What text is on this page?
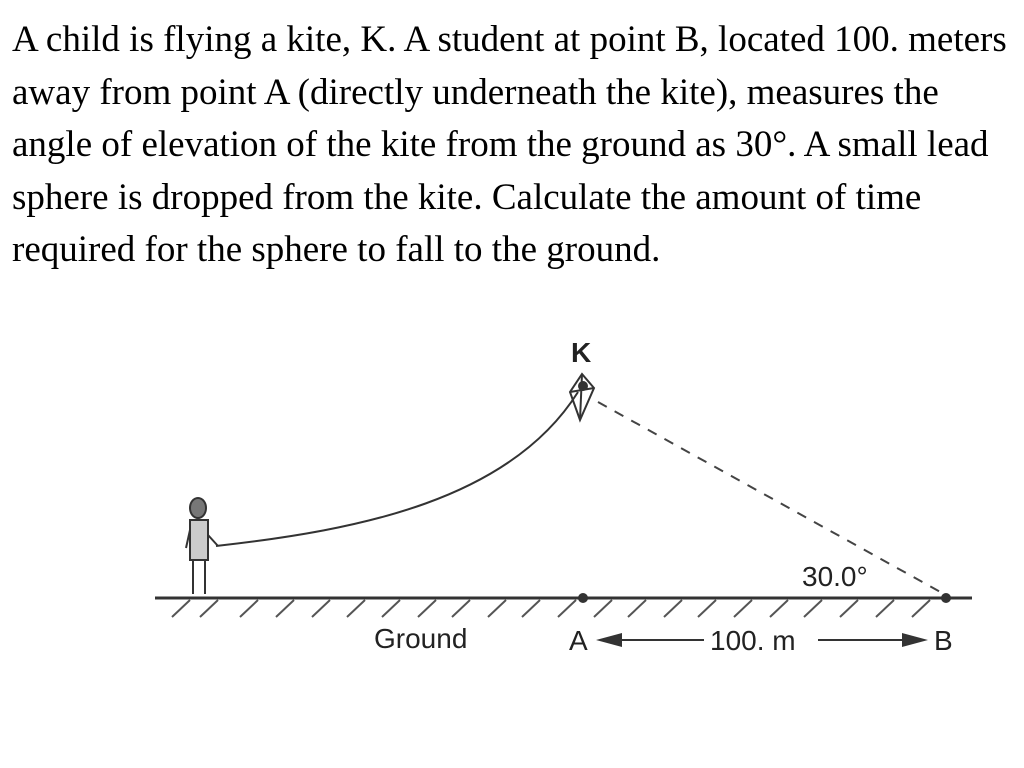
A child is flying a kite, K. A student at point B, located 100. meters away from point A (directly underneath the kite), measures the angle of elevation of the kite from the ground as 30°. A small lead sphere is dropped from the kite. Calculate the amount of time required for the sphere to fall to the ground.

K
Ground	A	B
100. m
30.0°
